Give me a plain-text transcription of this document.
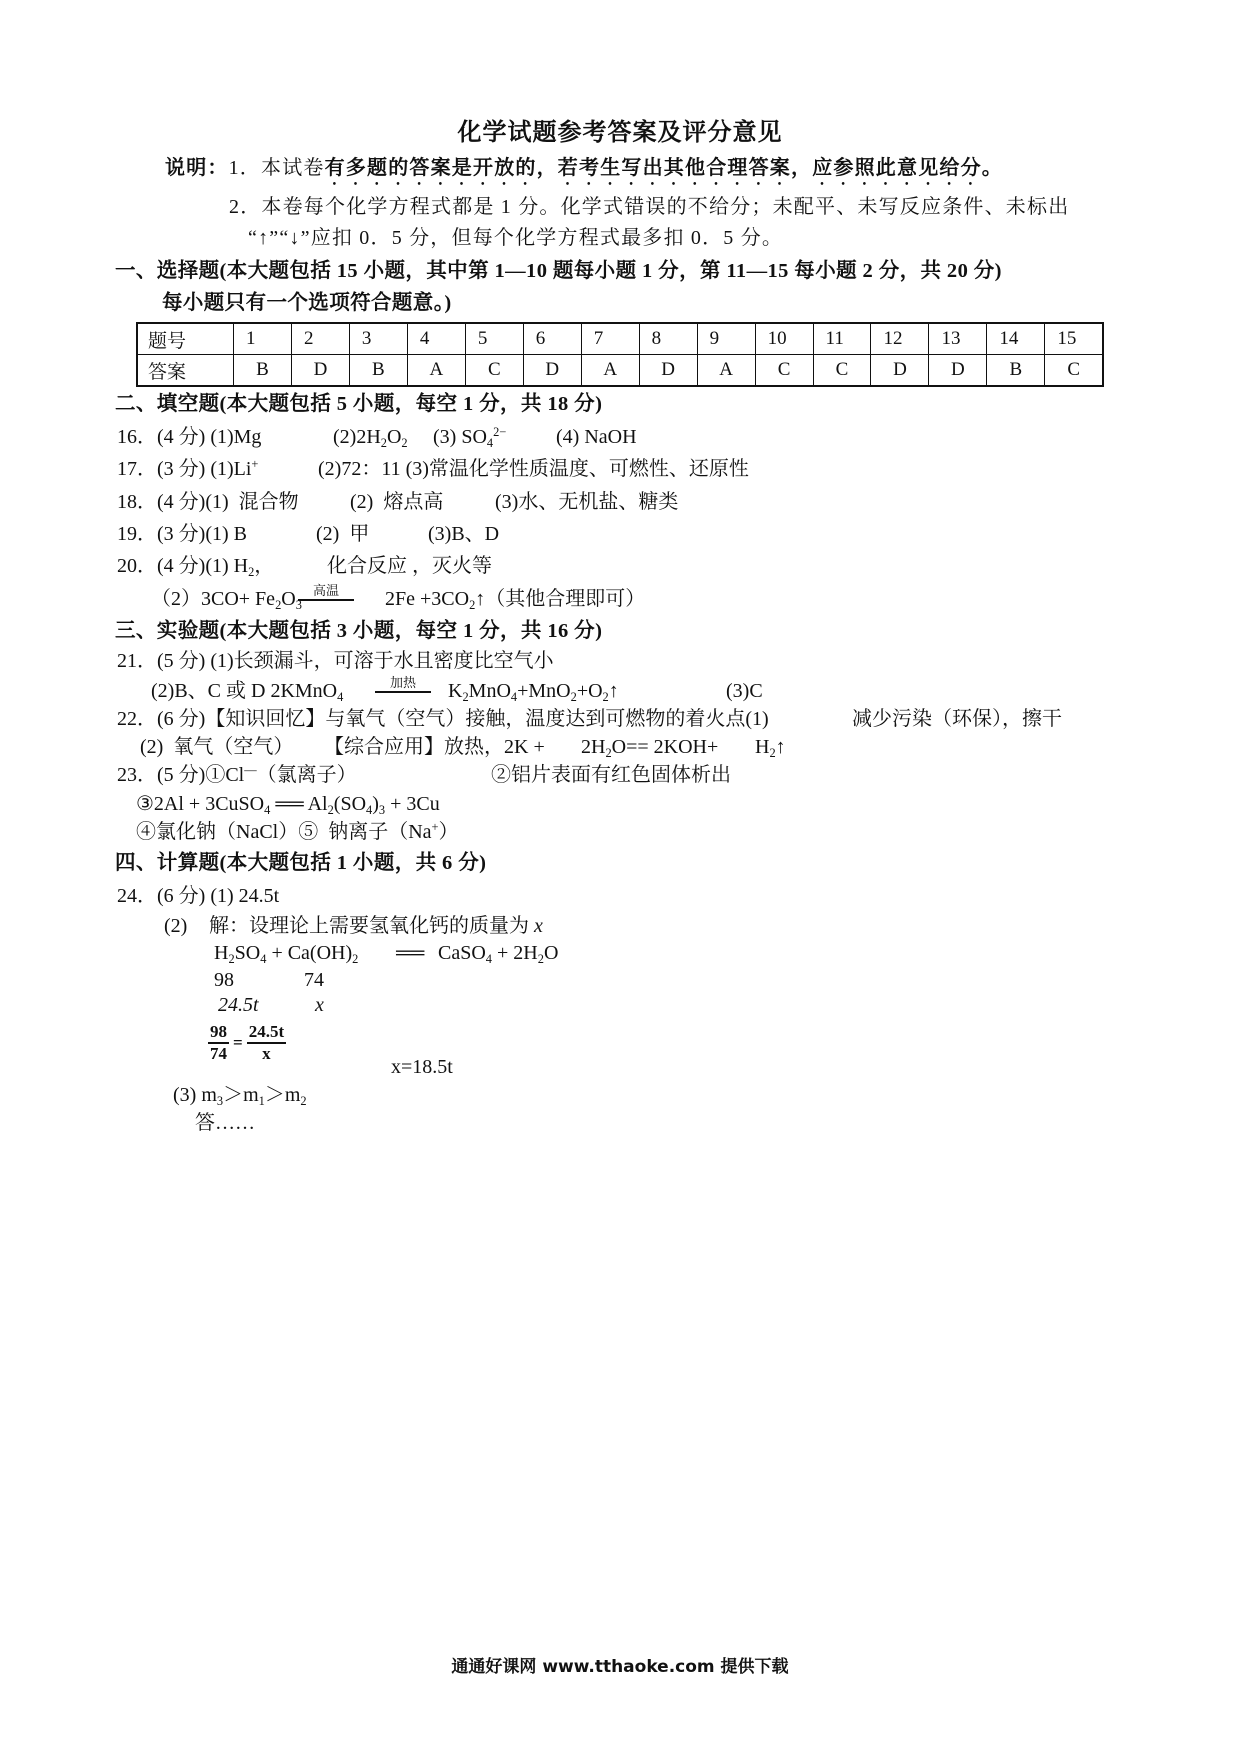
化学试题参考答案及评分意见
说明：1．本试卷有多题的答案是开放的，若考生写出其他合理答案，应参照此意见给分。
2．本卷每个化学方程式都是 1 分。化学式错误的不给分；未配平、未写反应条件、未标出
“↑”“↓”应扣 0．5 分，但每个化学方程式最多扣 0．5 分。
一、选择题(本大题包括 15 小题，其中第 1—10 题每小题 1 分，第 11—15 每小题 2 分，共 20 分)
每小题只有一个选项符合题意。)
题号	1	2	3	4	5	6	7	8	9	10	11	12	13	14	15
答案	B	D	B	A	C	D	A	D	A	C	C	D	D	B	C
二、填空题(本大题包括 5 小题，每空 1 分，共 18 分)
16．(4 分) (1)Mg	$(2)2H_2O_2$ (3) $SO_4^{2-}$ (4) NaOH
17．(3 分) (1)Li+	(2)72：11 (3)常温化学性质温度、可燃性、还原性
18．(4 分)(1)  混合物	(2)  熔点高	(3)水、无机盐、糖类
19．(3 分)(1) B	(2)  甲	(3)B、D
20．(4 分)(1) $H_2$，	化合反应 ，灭火等
$(2)3CO+ Fe_2O_3$
高温	$2Fe +3CO_2↑$（其他合理即可）
三、实验题(本大题包括 3 小题，每空 1 分，共 16 分)
21．(5 分) (1)长颈漏斗，可溶于水且密度比空气小
(2)B、C 或 D 2KMnO$_4$
加热	$K_2MnO_4+MnO_2+O_2↑$	(3)C
22．(6 分)【知识回忆】与氧气（空气）接触，温度达到可燃物的着火点(1)	减少污染（环保），擦干
(2)  氧气（空气） 【综合应用】放热，$2K + 2H_2O== 2KOH+$ $H_2↑$
23．(5 分)①Cl—（氯离子）	②铝片表面有红色固体析出
③2Al + 3CuSO$_4$ ══ $Al_2(SO_4)_3 + 3Cu$
④氯化钠（NaCl）⑤  钠离子（Na+）
四、计算题(本大题包括 1 小题，共 6 分)
24．(6 分) (1) 24.5t
(2) 解：设理论上需要氢氧化钙的质量为 x
$H_2SO_4 + Ca(OH)_2$ ══ CaSO$_4$ + $2H_2O$
98	74
24.5t	x
$\frac{98}{74} = \frac{24.5t}{x}$
x=18.5t
(3) $m_3>m_1>m_2$
答……
通通好课网 www.tthaoke.com 提供下载
